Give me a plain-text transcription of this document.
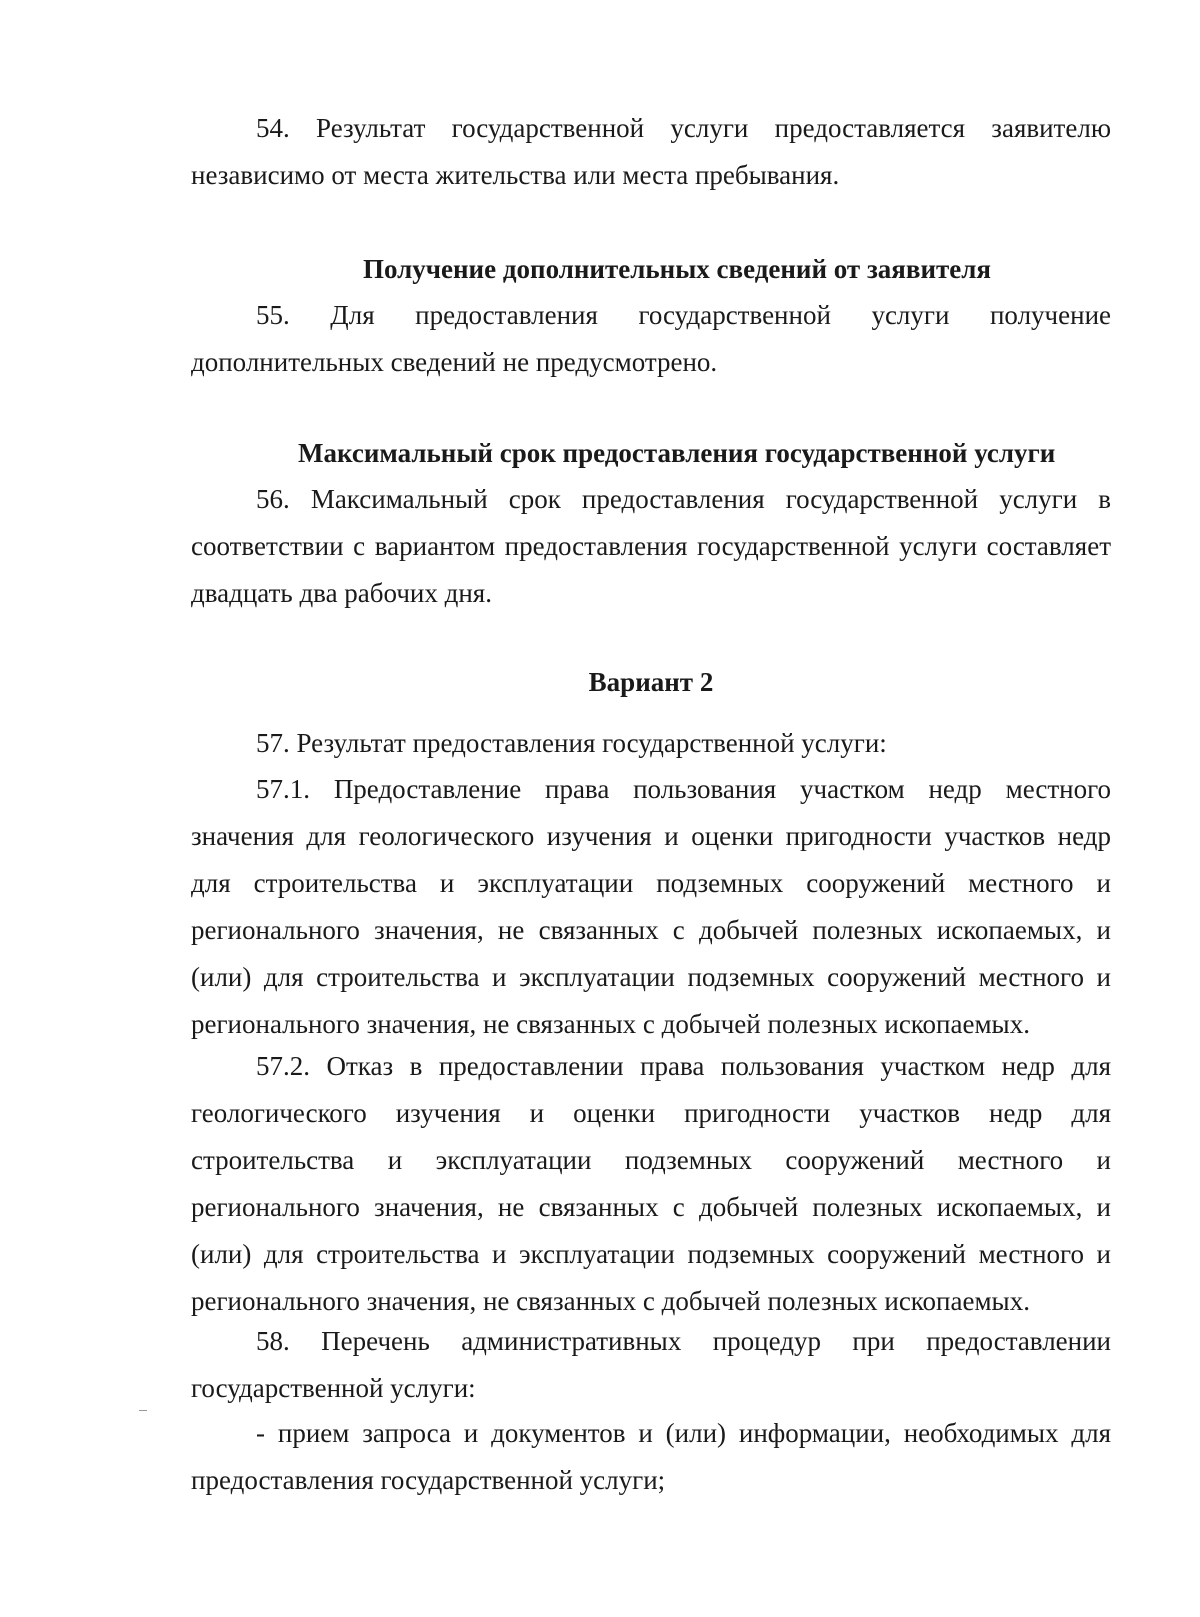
54. Результат государственной услуги предоставляется заявителю независимо от места жительства или места пребывания.

Получение дополнительных сведений от заявителя

55. Для предоставления государственной услуги получение дополнительных сведений не предусмотрено.

Максимальный срок предоставления государственной услуги

56. Максимальный срок предоставления государственной услуги в соответствии с вариантом предоставления государственной услуги составляет двадцать два рабочих дня.

Вариант 2

57. Результат предоставления государственной услуги:

57.1. Предоставление права пользования участком недр местного значения для геологического изучения и оценки пригодности участков недр для строительства и эксплуатации подземных сооружений местного и регионального значения, не связанных с добычей полезных ископаемых, и (или) для строительства и эксплуатации подземных сооружений местного и регионального значения, не связанных с добычей полезных ископаемых.

57.2. Отказ в предоставлении права пользования участком недр для геологического изучения и оценки пригодности участков недр для строительства и эксплуатации подземных сооружений местного и регионального значения, не связанных с добычей полезных ископаемых, и (или) для строительства и эксплуатации подземных сооружений местного и регионального значения, не связанных с добычей полезных ископаемых.

58. Перечень административных процедур при предоставлении государственной услуги:

- прием запроса и документов и (или) информации, необходимых для предоставления государственной услуги;
